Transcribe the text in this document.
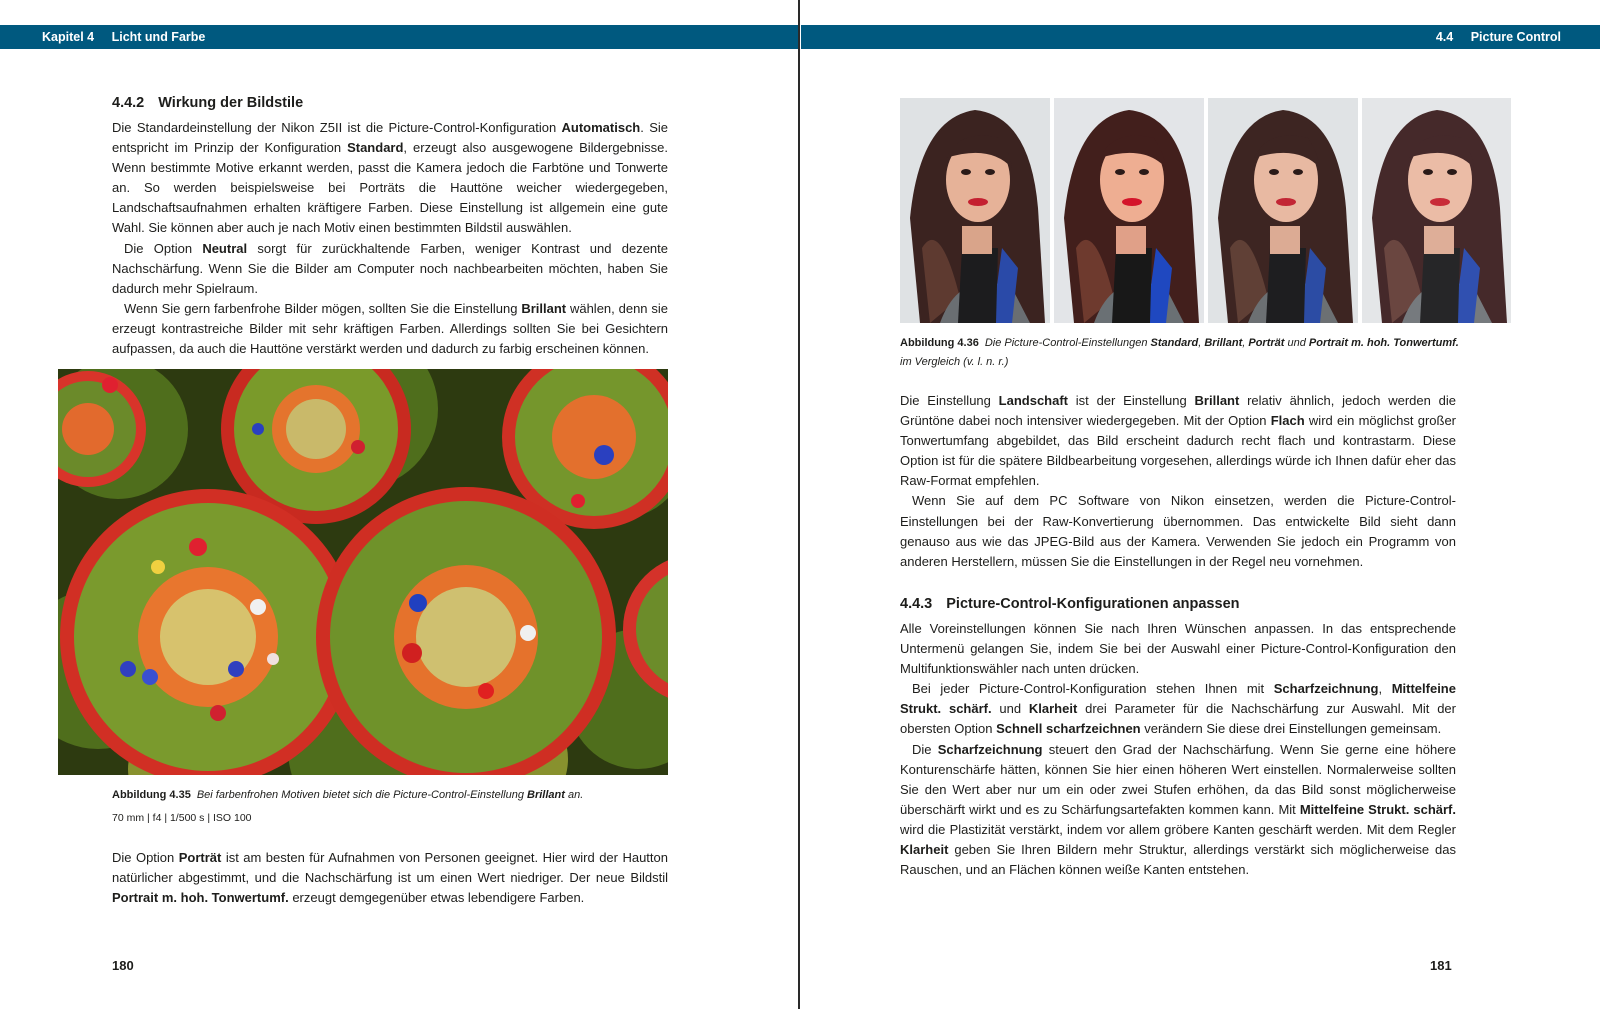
Kapitel 4 Licht und Farbe
4.4.2 Wirkung der Bildstile

Die Standardeinstellung der Nikon Z5II ist die Picture-Control-Konfiguration Automatisch. Sie entspricht im Prinzip der Konfiguration Standard, erzeugt also ausgewogene Bildergebnisse. Wenn bestimmte Motive erkannt werden, passt die Kamera jedoch die Farbtöne und Tonwerte an. So werden beispielsweise bei Porträts die Hauttöne weicher wiedergegeben, Landschaftsaufnahmen erhalten kräftigere Farben. Diese Einstellung ist allgemein eine gute Wahl. Sie können aber auch je nach Motiv einen bestimmten Bildstil auswählen.

Die Option Neutral sorgt für zurückhaltende Farben, weniger Kontrast und dezente Nachschärfung. Wenn Sie die Bilder am Computer noch nachbearbeiten möchten, haben Sie dadurch mehr Spielraum.

Wenn Sie gern farbenfrohe Bilder mögen, sollten Sie die Einstellung Brillant wählen, denn sie erzeugt kontrastreiche Bilder mit sehr kräftigen Farben. Allerdings sollten Sie bei Gesichtern aufpassen, da auch die Hauttöne verstärkt werden und dadurch zu farbig erscheinen können.

Abbildung 4.35 Bei farbenfrohen Motiven bietet sich die Picture-Control-Einstellung Brillant an.
70 mm | f4 | 1/500 s | ISO 100

Die Option Porträt ist am besten für Aufnahmen von Personen geeignet. Hier wird der Hautton natürlicher abgestimmt, und die Nachschärfung ist um einen Wert niedriger. Der neue Bildstil Portrait m. hoh. Tonwertumf. erzeugt demgegenüber etwas lebendigere Farben.

180
4.4 Picture Control
Abbildung 4.36 Die Picture-Control-Einstellungen Standard, Brillant, Porträt und Portrait m. hoh. Tonwertumf. im Vergleich (v. l. n. r.)

Die Einstellung Landschaft ist der Einstellung Brillant relativ ähnlich, jedoch werden die Grüntöne dabei noch intensiver wiedergegeben. Mit der Option Flach wird ein möglichst großer Tonwertumfang abgebildet, das Bild erscheint dadurch recht flach und kontrastarm. Diese Option ist für die spätere Bildbearbeitung vorgesehen, allerdings würde ich Ihnen dafür eher das Raw-Format empfehlen.

Wenn Sie auf dem PC Software von Nikon einsetzen, werden die Picture-Control-Einstellungen bei der Raw-Konvertierung übernommen. Das entwickelte Bild sieht dann genauso aus wie das JPEG-Bild aus der Kamera. Verwenden Sie jedoch ein Programm von anderen Herstellern, müssen Sie die Einstellungen in der Regel neu vornehmen.

4.4.3 Picture-Control-Konfigurationen anpassen

Alle Voreinstellungen können Sie nach Ihren Wünschen anpassen. In das entsprechende Untermenü gelangen Sie, indem Sie bei der Auswahl einer Picture-Control-Konfiguration den Multifunktionswähler nach unten drücken.

Bei jeder Picture-Control-Konfiguration stehen Ihnen mit Scharfzeichnung, Mittelfeine Strukt. schärf. und Klarheit drei Parameter für die Nachschärfung zur Auswahl. Mit der obersten Option Schnell scharfzeichnen verändern Sie diese drei Einstellungen gemeinsam.

Die Scharfzeichnung steuert den Grad der Nachschärfung. Wenn Sie gerne eine höhere Konturenschärfe hätten, können Sie hier einen höheren Wert einstellen. Normalerweise sollten Sie den Wert aber nur um ein oder zwei Stufen erhöhen, da das Bild sonst möglicherweise überschärft wirkt und es zu Schärfungsartefakten kommen kann. Mit Mittelfeine Strukt. schärf. wird die Plastizität verstärkt, indem vor allem gröbere Kanten geschärft werden. Mit dem Regler Klarheit geben Sie Ihren Bildern mehr Struktur, allerdings verstärkt sich möglicherweise das Rauschen, und an Flächen können weiße Kanten entstehen.

181
